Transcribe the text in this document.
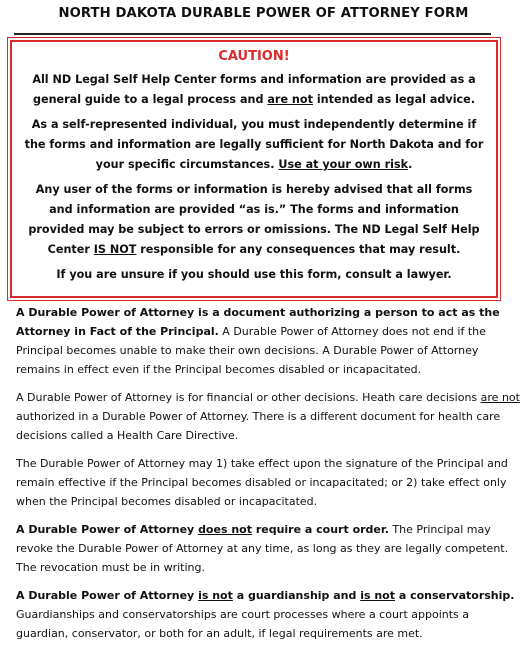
NORTH DAKOTA DURABLE POWER OF ATTORNEY FORM
CAUTION!

All ND Legal Self Help Center forms and information are provided as a general guide to a legal process and are not intended as legal advice.

As a self-represented individual, you must independently determine if the forms and information are legally sufficient for North Dakota and for your specific circumstances. Use at your own risk.

Any user of the forms or information is hereby advised that all forms and information are provided “as is.” The forms and information provided may be subject to errors or omissions. The ND Legal Self Help Center IS NOT responsible for any consequences that may result.

If you are unsure if you should use this form, consult a lawyer.

A Durable Power of Attorney is a document authorizing a person to act as the Attorney in Fact of the Principal. A Durable Power of Attorney does not end if the Principal becomes unable to make their own decisions. A Durable Power of Attorney remains in effect even if the Principal becomes disabled or incapacitated.

A Durable Power of Attorney is for financial or other decisions. Heath care decisions are not authorized in a Durable Power of Attorney. There is a different document for health care decisions called a Health Care Directive.

The Durable Power of Attorney may 1) take effect upon the signature of the Principal and remain effective if the Principal becomes disabled or incapacitated; or 2) take effect only when the Principal becomes disabled or incapacitated.

A Durable Power of Attorney does not require a court order. The Principal may revoke the Durable Power of Attorney at any time, as long as they are legally competent. The revocation must be in writing.

A Durable Power of Attorney is not a guardianship and is not a conservatorship.
Guardianships and conservatorships are court processes where a court appoints a guardian, conservator, or both for an adult, if legal requirements are met.
